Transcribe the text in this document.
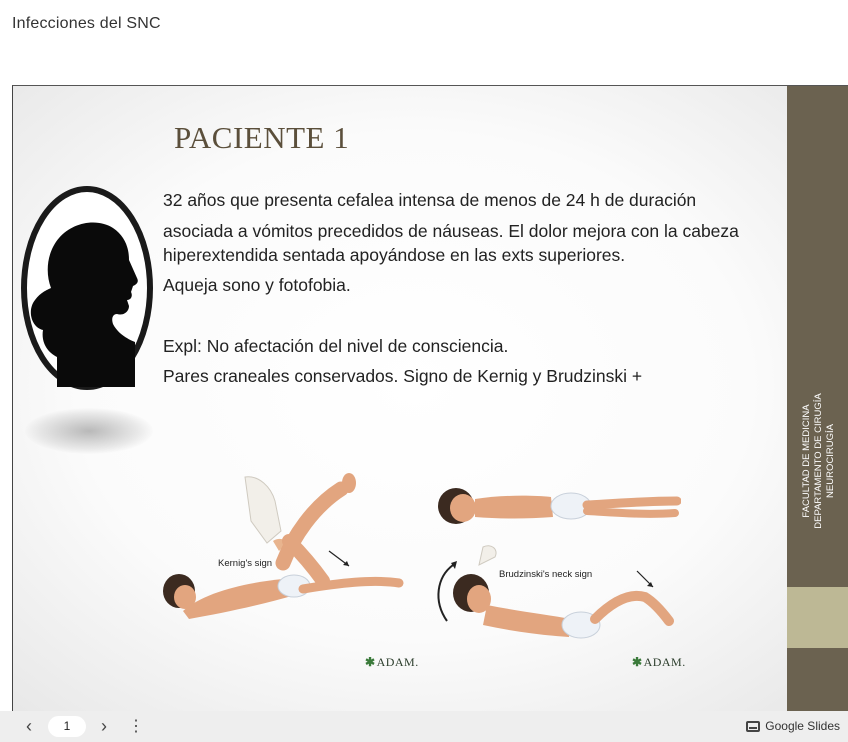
Infecciones del SNC
FACULTAD DE MEDICINA DEPARTAMENTO DE CIRUGÍA NEUROCIRUGÍA
PACIENTE 1
32 años que presenta cefalea intensa de menos de 24 h de duración
asociada a vómitos precedidos de náuseas. El dolor mejora con la cabeza
hiperextendida sentada apoyándose en las exts superiores.
Aqueja sono y fotofobia.
Expl: No afectación del nivel de consciencia.
Pares craneales conservados. Signo de Kernig y Brudzinski +
Kernig's sign
✱ADAM.
Brudzinski's neck sign
✱ADAM.
‹	1	› ⋮	Google Slides
